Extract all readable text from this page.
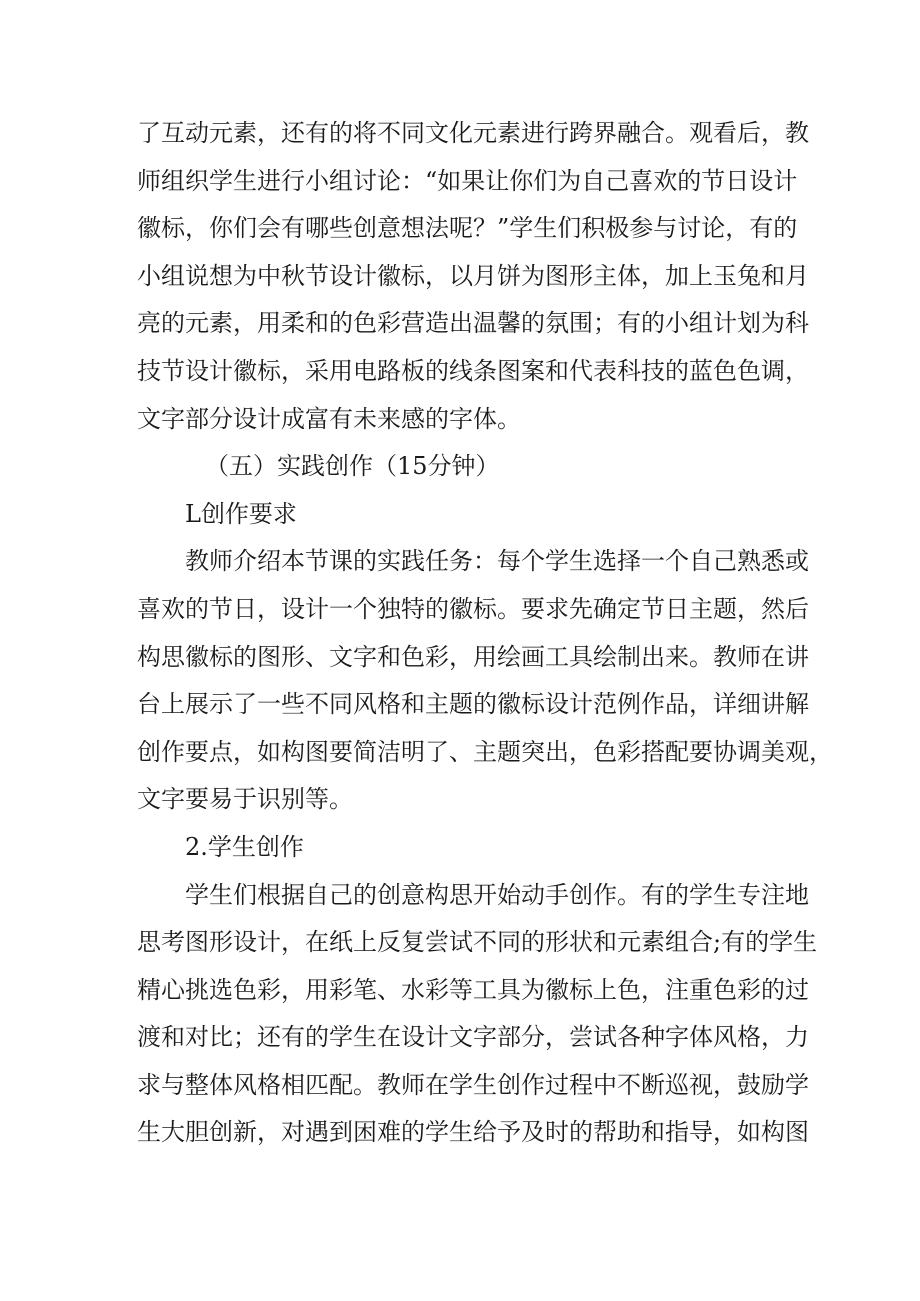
了互动元素，还有的将不同文化元素进行跨界融合。观看后，教
师组织学生进行小组讨论：“如果让你们为自己喜欢的节日设计
徽标，你们会有哪些创意想法呢？”学生们积极参与讨论，有的
小组说想为中秋节设计徽标，以月饼为图形主体，加上玉兔和月
亮的元素，用柔和的色彩营造出温馨的氛围；有的小组计划为科
技节设计徽标，采用电路板的线条图案和代表科技的蓝色色调，
文字部分设计成富有未来感的字体。
（五）实践创作（15分钟）
L创作要求
教师介绍本节课的实践任务：每个学生选择一个自己熟悉或
喜欢的节日，设计一个独特的徽标。要求先确定节日主题，然后
构思徽标的图形、文字和色彩，用绘画工具绘制出来。教师在讲
台上展示了一些不同风格和主题的徽标设计范例作品，详细讲解
创作要点，如构图要简洁明了、主题突出，色彩搭配要协调美观，
文字要易于识别等。
2.学生创作
学生们根据自己的创意构思开始动手创作。有的学生专注地
思考图形设计，在纸上反复尝试不同的形状和元素组合;有的学生
精心挑选色彩，用彩笔、水彩等工具为徽标上色，注重色彩的过
渡和对比；还有的学生在设计文字部分，尝试各种字体风格，力
求与整体风格相匹配。教师在学生创作过程中不断巡视，鼓励学
生大胆创新，对遇到困难的学生给予及时的帮助和指导，如构图
